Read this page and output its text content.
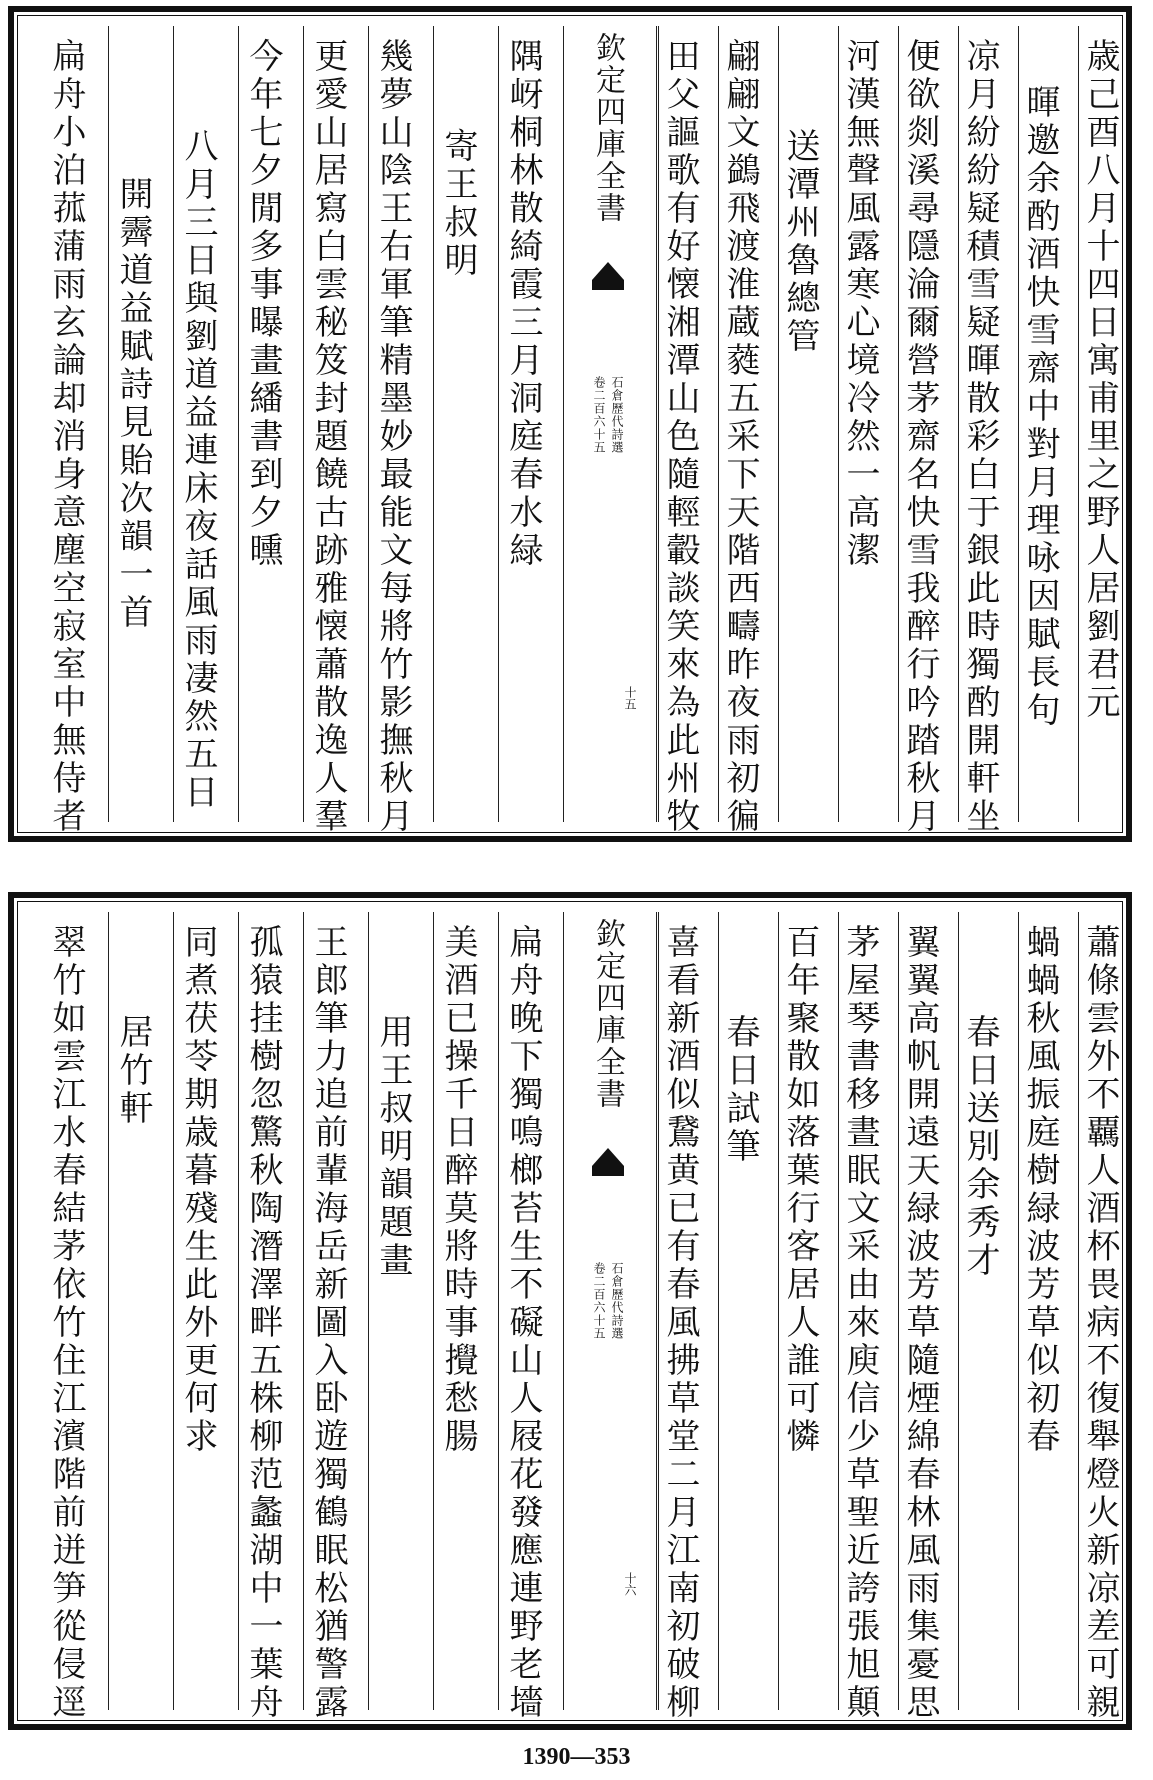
歳己酉八月十四日寓甫里之野人居劉君元
暉邀余酌酒快雪齋中對月理咏因賦長句
凉月紛紛疑積雪疑暉散彩白于銀此時獨酌開軒坐
便欲剡溪尋隱淪爾營茅齋名快雪我醉行吟踏秋月
河漢無聲風露寒心境冷然一高潔
送潭州魯總管
翩翩文鷁飛渡淮蔵蕤五采下天階西疇昨夜雨初徧
田父謳歌有好懐湘潭山色隨輕轂談笑來為此州牧
欽定四庫全書
石倉歷代詩選
卷二百六十五
十五
隅岈桐林散綺霞三月洞庭春水緑
寄王叔明
幾夢山陰王右軍筆精墨妙最能文每將竹影撫秋月
更愛山居寫白雲秘笈封題饒古跡雅懐蕭散逸人羣
今年七夕閒多事曝畫繙書到夕曛
八月三日與劉道益連床夜話風雨凄然五日
開霽道益賦詩見貽次韻一首
扁舟小泊菰蒲雨玄論却消身意塵空寂室中無侍者
蕭條雲外不覊人酒杯畏病不復舉燈火新凉差可親
蝸蝸秋風振庭樹緑波芳草似初春
春日送別余秀才
翼翼高帆開遠天緑波芳草隨煙綿春林風雨集憂思
茅屋琴書移晝眠文采由來庾信少草聖近誇張旭顛
百年聚散如落葉行客居人誰可憐
春日試筆
喜看新酒似鵞黄已有春風拂草堂二月江南初破柳
欽定四庫全書
石倉歷代詩選
卷二百六十五
十六
扁舟晚下獨鳴榔苔生不礙山人屐花發應連野老墻
美酒已操千日醉莫將時事攪愁腸
用王叔明韻題畫
王郎筆力追前輩海岳新圖入卧遊獨鶴眠松猶警露
孤猿挂樹忽驚秋陶潛澤畔五株柳范蠡湖中一葉舟
同煮茯苓期歳暮殘生此外更何求
居竹軒
翠竹如雲江水春結茅依竹住江濱階前迸笋從侵逕
1390—353
